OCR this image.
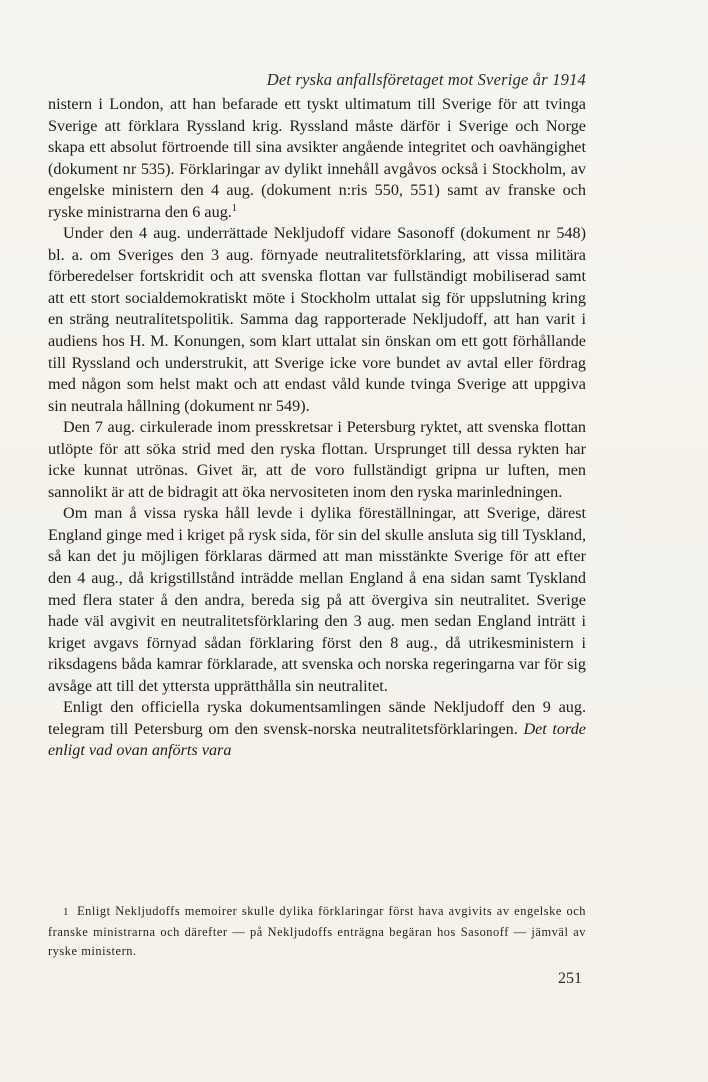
Det ryska anfallsföretaget mot Sverige år 1914

nistern i London, att han befarade ett tyskt ultimatum till Sverige för att tvinga Sverige att förklara Ryssland krig. Ryssland måste därför i Sverige och Norge skapa ett absolut förtroende till sina avsikter angående integritet och oavhängighet (dokument nr 535). Förklaringar av dylikt innehåll avgåvos också i Stockholm, av engelske ministern den 4 aug. (dokument n:ris 550, 551) samt av franske och ryske ministrarna den 6 aug.$^1$

Under den 4 aug. underrättade Nekljudoff vidare Sasonoff (dokument nr 548) bl. a. om Sveriges den 3 aug. förnyade neutralitetsförklaring, att vissa militära förberedelser fortskridit och att svenska flottan var fullständigt mobiliserad samt att ett stort socialdemokratiskt möte i Stockholm uttalat sig för uppslutning kring en sträng neutralitetspolitik. Samma dag rapporterade Nekljudoff, att han varit i audiens hos H. M. Konungen, som klart uttalat sin önskan om ett gott förhållande till Ryssland och understrukit, att Sverige icke vore bundet av avtal eller fördrag med någon som helst makt och att endast våld kunde tvinga Sverige att uppgiva sin neutrala hållning (dokument nr 549).

Den 7 aug. cirkulerade inom presskretsar i Petersburg ryktet, att svenska flottan utlöpte för att söka strid med den ryska flottan. Ursprunget till dessa rykten har icke kunnat utrönas. Givet är, att de voro fullständigt gripna ur luften, men sannolikt är att de bidragit att öka nervositeten inom den ryska marinledningen.

Om man å vissa ryska håll levde i dylika föreställningar, att Sverige, därest England ginge med i kriget på rysk sida, för sin del skulle ansluta sig till Tyskland, så kan det ju möjligen förklaras därmed att man misstänkte Sverige för att efter den 4 aug., då krigstillstånd inträdde mellan England å ena sidan samt Tyskland med flera stater å den andra, bereda sig på att övergiva sin neutralitet. Sverige hade väl avgivit en neutralitetsförklaring den 3 aug. men sedan England inträtt i kriget avgavs förnyad sådan förklaring först den 8 aug., då utrikesministern i riksdagens båda kamrar förklarade, att svenska och norska regeringarna var för sig avsåge att till det yttersta upprätthålla sin neutralitet.

Enligt den officiella ryska dokumentsamlingen sände Nekljudoff den 9 aug. telegram till Petersburg om den svensk-norska neutralitetsförklaringen. Det torde enligt vad ovan anförts vara

1 Enligt Nekljudoffs memoirer skulle dylika förklaringar först hava avgivits av engelske och franske ministrarna och därefter — på Nekljudoffs enträgna begäran hos Sasonoff — jämväl av ryske ministern.

251
